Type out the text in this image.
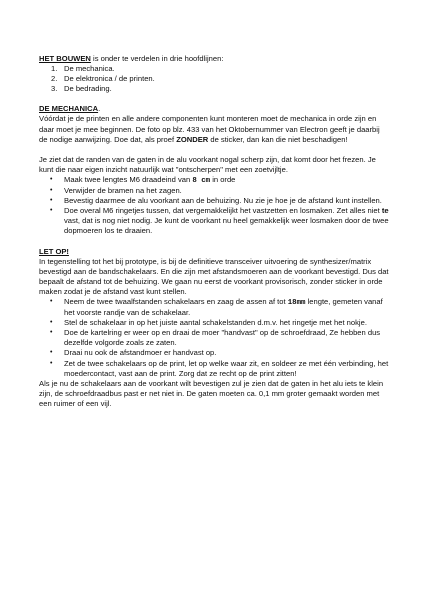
HET BOUWEN is onder te verdelen in drie hoofdlijnen:

1. De mechanica.
2. De elektronica / de printen.
3. De bedrading.

DE MECHANICA.

Vóórdat je de printen en alle andere componenten kunt monteren moet de mechanica in orde zijn en daar moet je mee beginnen. De foto op blz. 433 van het Oktobernummer van Electron geeft je daarbij de nodige aanwijzing. Doe dat, als proef ZONDER de sticker, dan kan die niet beschadigen!

Je ziet dat de randen van de gaten in de alu voorkant nogal scherp zijn, dat komt door het frezen. Je kunt die naar eigen inzicht natuurlijk wat "ontscherpen" met een zoetvijltje.

• Maak twee lengtes M6 draadeind van 8 cm in orde
• Verwijder de bramen na het zagen.
• Bevestig daarmee de alu voorkant aan de behuizing. Nu zie je hoe je de afstand kunt instellen.
• Doe overal M6 ringetjes tussen, dat vergemakkelijkt het vastzetten en losmaken. Zet alles niet te vast, dat is nog niet nodig. Je kunt de voorkant nu heel gemakkelijk weer losmaken door de twee dopmoeren los te draaien.

LET OP!

In tegenstelling tot het bij prototype, is bij de definitieve transceiver uitvoering de synthesizer/matrix bevestigd aan de bandschakelaars. En die zijn met afstandsmoeren aan de voorkant bevestigd. Dus dat bepaalt de afstand tot de behuizing. We gaan nu eerst de voorkant provisorisch, zonder sticker in orde maken zodat je de afstand vast kunt stellen.

• Neem de twee twaalfstanden schakelaars en zaag de assen af tot 18mm lengte, gemeten vanaf het voorste randje van de schakelaar.
• Stel de schakelaar in op het juiste aantal schakelstanden d.m.v. het ringetje met het nokje.
• Doe de kartelring er weer op en draai de moer "handvast" op de schroefdraad, Ze hebben dus dezelfde volgorde zoals ze zaten.
• Draai nu ook de afstandmoer er handvast op.
• Zet de twee schakelaars op de print, let op welke waar zit, en soldeer ze met één verbinding, het moedercontact, vast aan de print. Zorg dat ze recht op de print zitten!

Als je nu de schakelaars aan de voorkant wilt bevestigen zul je zien dat de gaten in het alu iets te klein zijn, de schroefdraadbus past er net niet in. De gaten moeten ca. 0,1 mm groter gemaakt worden met een ruimer of een vijl.
